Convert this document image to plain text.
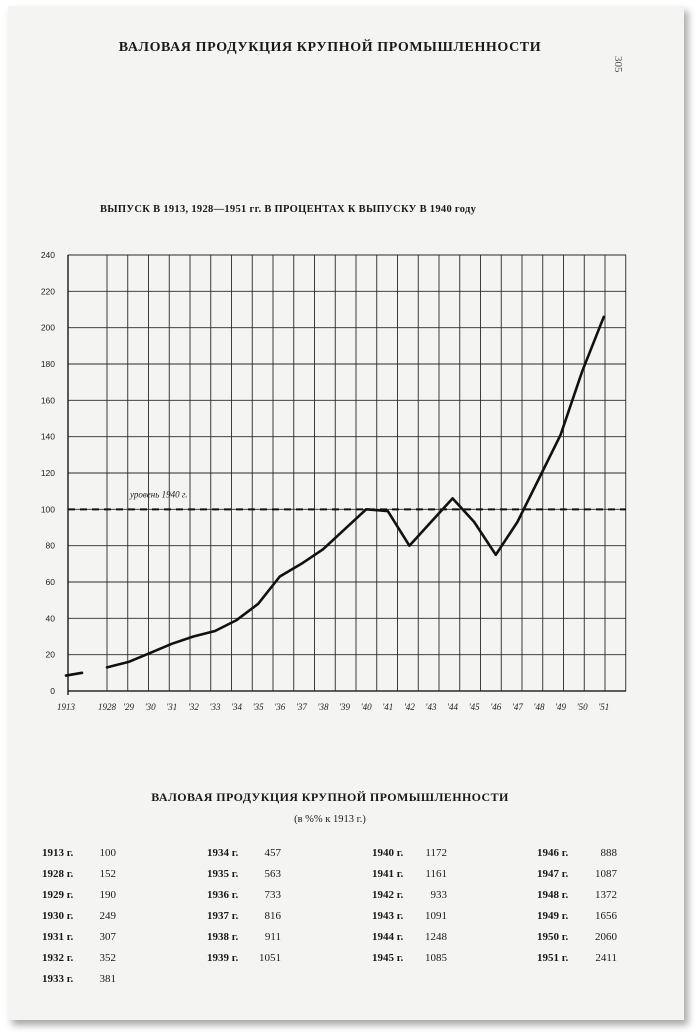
305
ВАЛОВАЯ ПРОДУКЦИЯ КРУПНОЙ ПРОМЫШЛЕННОСТИ
ВЫПУСК В 1913, 1928—1951 гг. В ПРОЦЕНТАХ К ВЫПУСКУ В 1940 году
0
20
40
60
80
100
120
140
160
180
200
220
240
1913	1928 '29 '30 '31 '32 '33 '34 '35 '36 '37 '38 '39 '40 '41 '42 '43 '44 '45 '46 '47 '48 '49 '50 '51
уровень 1940 г.
ВАЛОВАЯ ПРОДУКЦИЯ КРУПНОЙ ПРОМЫШЛЕННОСТИ
(в %% к 1913 г.)
1913 г. 100
1928 г. 152
1929 г. 190
1930 г. 249
1931 г. 307
1932 г. 352
1933 г. 381
1934 г. 457
1935 г. 563
1936 г. 733
1937 г. 816
1938 г. 911
1939 г. 1051
1940 г. 1172
1941 г. 1161
1942 г. 933
1943 г. 1091
1944 г. 1248
1945 г. 1085
1946 г.	888
1947 г. 1087
1948 г. 1372
1949 г. 1656
1950 г. 2060
1951 г. 2411
